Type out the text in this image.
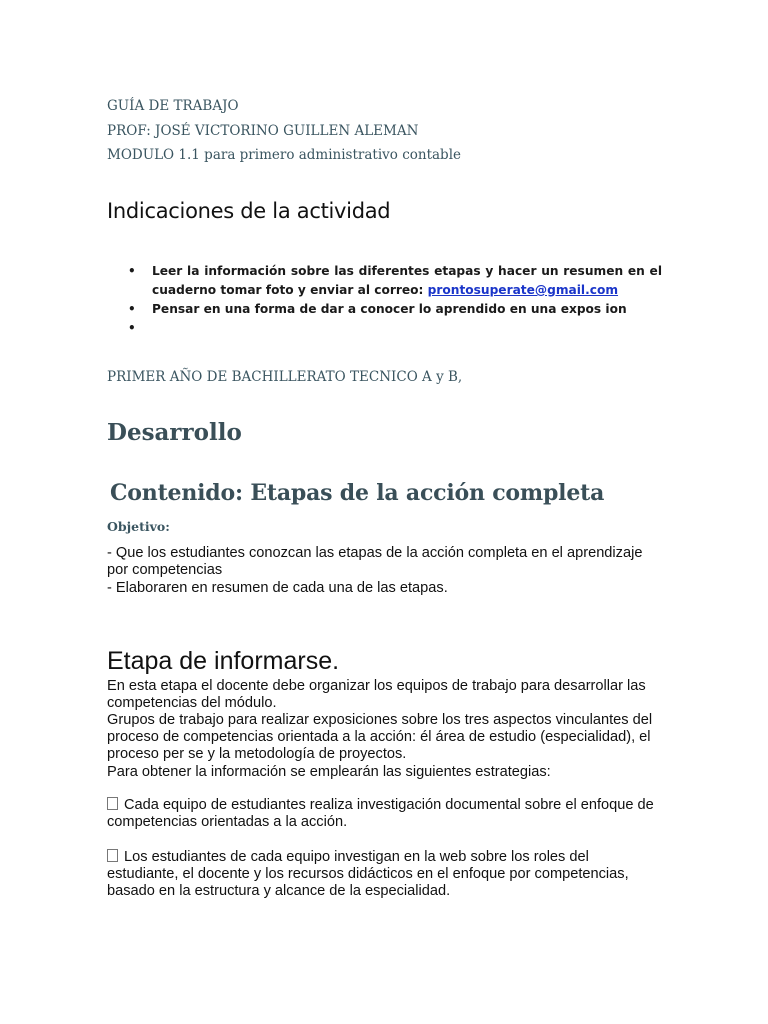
GUÍA DE TRABAJO
PROF: JOSÉ VICTORINO GUILLEN ALEMAN
MODULO 1.1 para primero administrativo contable
Indicaciones de la actividad
• Leer la información sobre las diferentes etapas y hacer un resumen en el cuaderno tomar foto y enviar al correo: prontosuperate@gmail.com
• Pensar en una forma de dar a conocer lo aprendido en una expos ion
•

PRIMER AÑO DE BACHILLERATO TECNICO A y B,
Desarrollo
Contenido: Etapas de la acción completa
Objetivo:
- Que los estudiantes conozcan las etapas de la acción completa en el aprendizaje por competencias
- Elaboraren en resumen de cada una de las etapas.
Etapa de informarse.
En esta etapa el docente debe organizar los equipos de trabajo para desarrollar las competencias del módulo.
Grupos de trabajo para realizar exposiciones sobre los tres aspectos vinculantes del proceso de competencias orientada a la acción: él área de estudio (especialidad), el proceso per se y la metodología de proyectos.
Para obtener la información se emplearán las siguientes estrategias:
Cada equipo de estudiantes realiza investigación documental sobre el enfoque de competencias orientadas a la acción.
Los estudiantes de cada equipo investigan en la web sobre los roles del estudiante, el docente y los recursos didácticos en el enfoque por competencias, basado en la estructura y alcance de la especialidad.
